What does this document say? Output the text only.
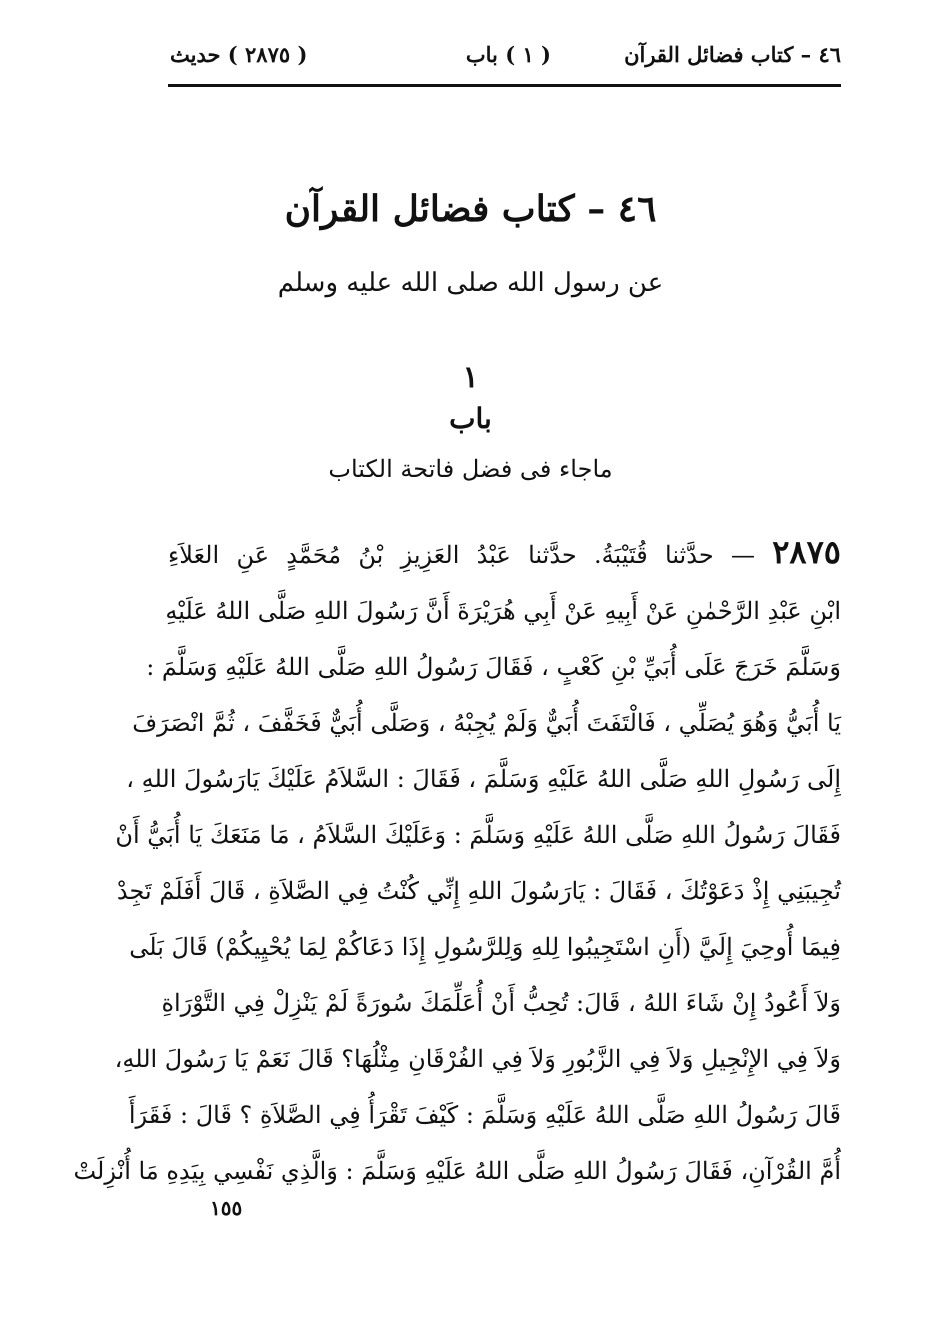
٤٦ – كتاب فضائل القرآن
( ١ ) باب
( ٢٨٧٥ ) حديث
٤٦ – كتاب فضائل القرآن
عن رسول الله صلى الله عليه وسلم
١
باب
ماجاء فى فضل فاتحة الكتاب
٢٨٧٥ — حدَّثنا قُتَيْبَةُ. حدَّثنا عَبْدُ العَزِيزِ بْنُ مُحَمَّدٍ عَنِ العَلاَءِ
ابْنِ عَبْدِ الرَّحْمٰنِ عَنْ أَبِيهِ عَنْ أَبِي هُرَيْرَةَ أَنَّ رَسُولَ اللهِ صَلَّى اللهُ عَلَيْهِ
وَسَلَّمَ خَرَجَ عَلَى أُبَيِّ بْنِ كَعْبٍ ، فَقَالَ رَسُولُ اللهِ صَلَّى اللهُ عَلَيْهِ وَسَلَّمَ :
يَا أُبَيُّ وَهُوَ يُصَلِّي ، فَالْتَفَتَ أُبَيٌّ وَلَمْ يُجِبْهُ ، وَصَلَّى أُبَيٌّ فَخَفَّفَ ، ثُمَّ انْصَرَفَ
إِلَى رَسُولِ اللهِ صَلَّى اللهُ عَلَيْهِ وَسَلَّمَ ، فَقَالَ : السَّلاَمُ عَلَيْكَ يَارَسُولَ اللهِ ،
فَقَالَ رَسُولُ اللهِ صَلَّى اللهُ عَلَيْهِ وَسَلَّمَ : وَعَلَيْكَ السَّلاَمُ ، مَا مَنَعَكَ يَا أُبَيُّ أَنْ
تُجِيبَنِي إِذْ دَعَوْتُكَ ، فَقَالَ : يَارَسُولَ اللهِ إِنِّي كُنْتُ فِي الصَّلاَةِ ، قَالَ أَفَلَمْ تَجِدْ
فِيمَا أُوحِيَ إِلَيَّ (أَنِ اسْتَجِيبُوا لِلهِ وَلِلرَّسُولِ إِذَا دَعَاكُمْ لِمَا يُحْيِيكُمْ) قَالَ بَلَى
وَلاَ أَعُودُ إِنْ شَاءَ اللهُ ، قَالَ: تُحِبُّ أَنْ أُعَلِّمَكَ سُورَةً لَمْ يَنْزِلْ فِي التَّوْرَاةِ
وَلاَ فِي الإِنْجِيلِ وَلاَ فِي الزَّبُورِ وَلاَ فِي الفُرْقَانِ مِثْلُهَا؟ قَالَ نَعَمْ يَا رَسُولَ اللهِ،
قَالَ رَسُولُ اللهِ صَلَّى اللهُ عَلَيْهِ وَسَلَّمَ : كَيْفَ تَقْرَأُ فِي الصَّلاَةِ ؟ قَالَ : فَقَرَأَ
أُمَّ القُرْآنِ، فَقَالَ رَسُولُ اللهِ صَلَّى اللهُ عَلَيْهِ وَسَلَّمَ : وَالَّذِي نَفْسِي بِيَدِهِ مَا أُنْزِلَتْ
١٥٥
